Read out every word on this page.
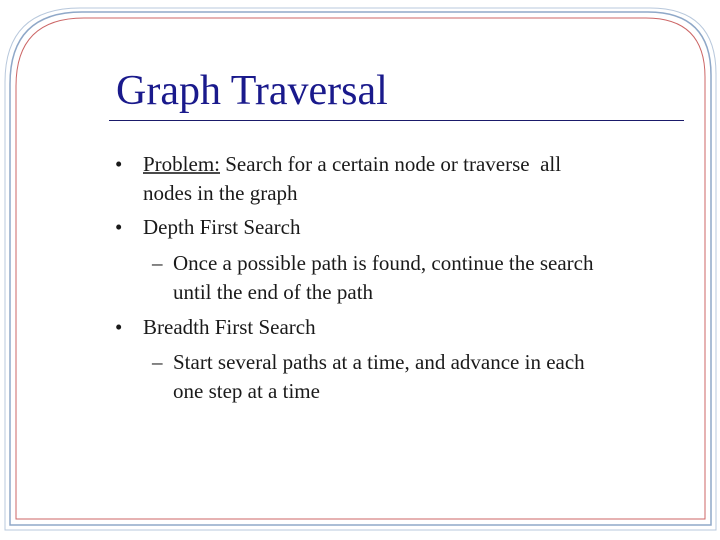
Graph Traversal
• Problem: Search for a certain node or traverse  all
nodes in the graph
• Depth First Search
– Once a possible path is found, continue the search
until the end of the path
• Breadth First Search
– Start several paths at a time, and advance in each
one step at a time
